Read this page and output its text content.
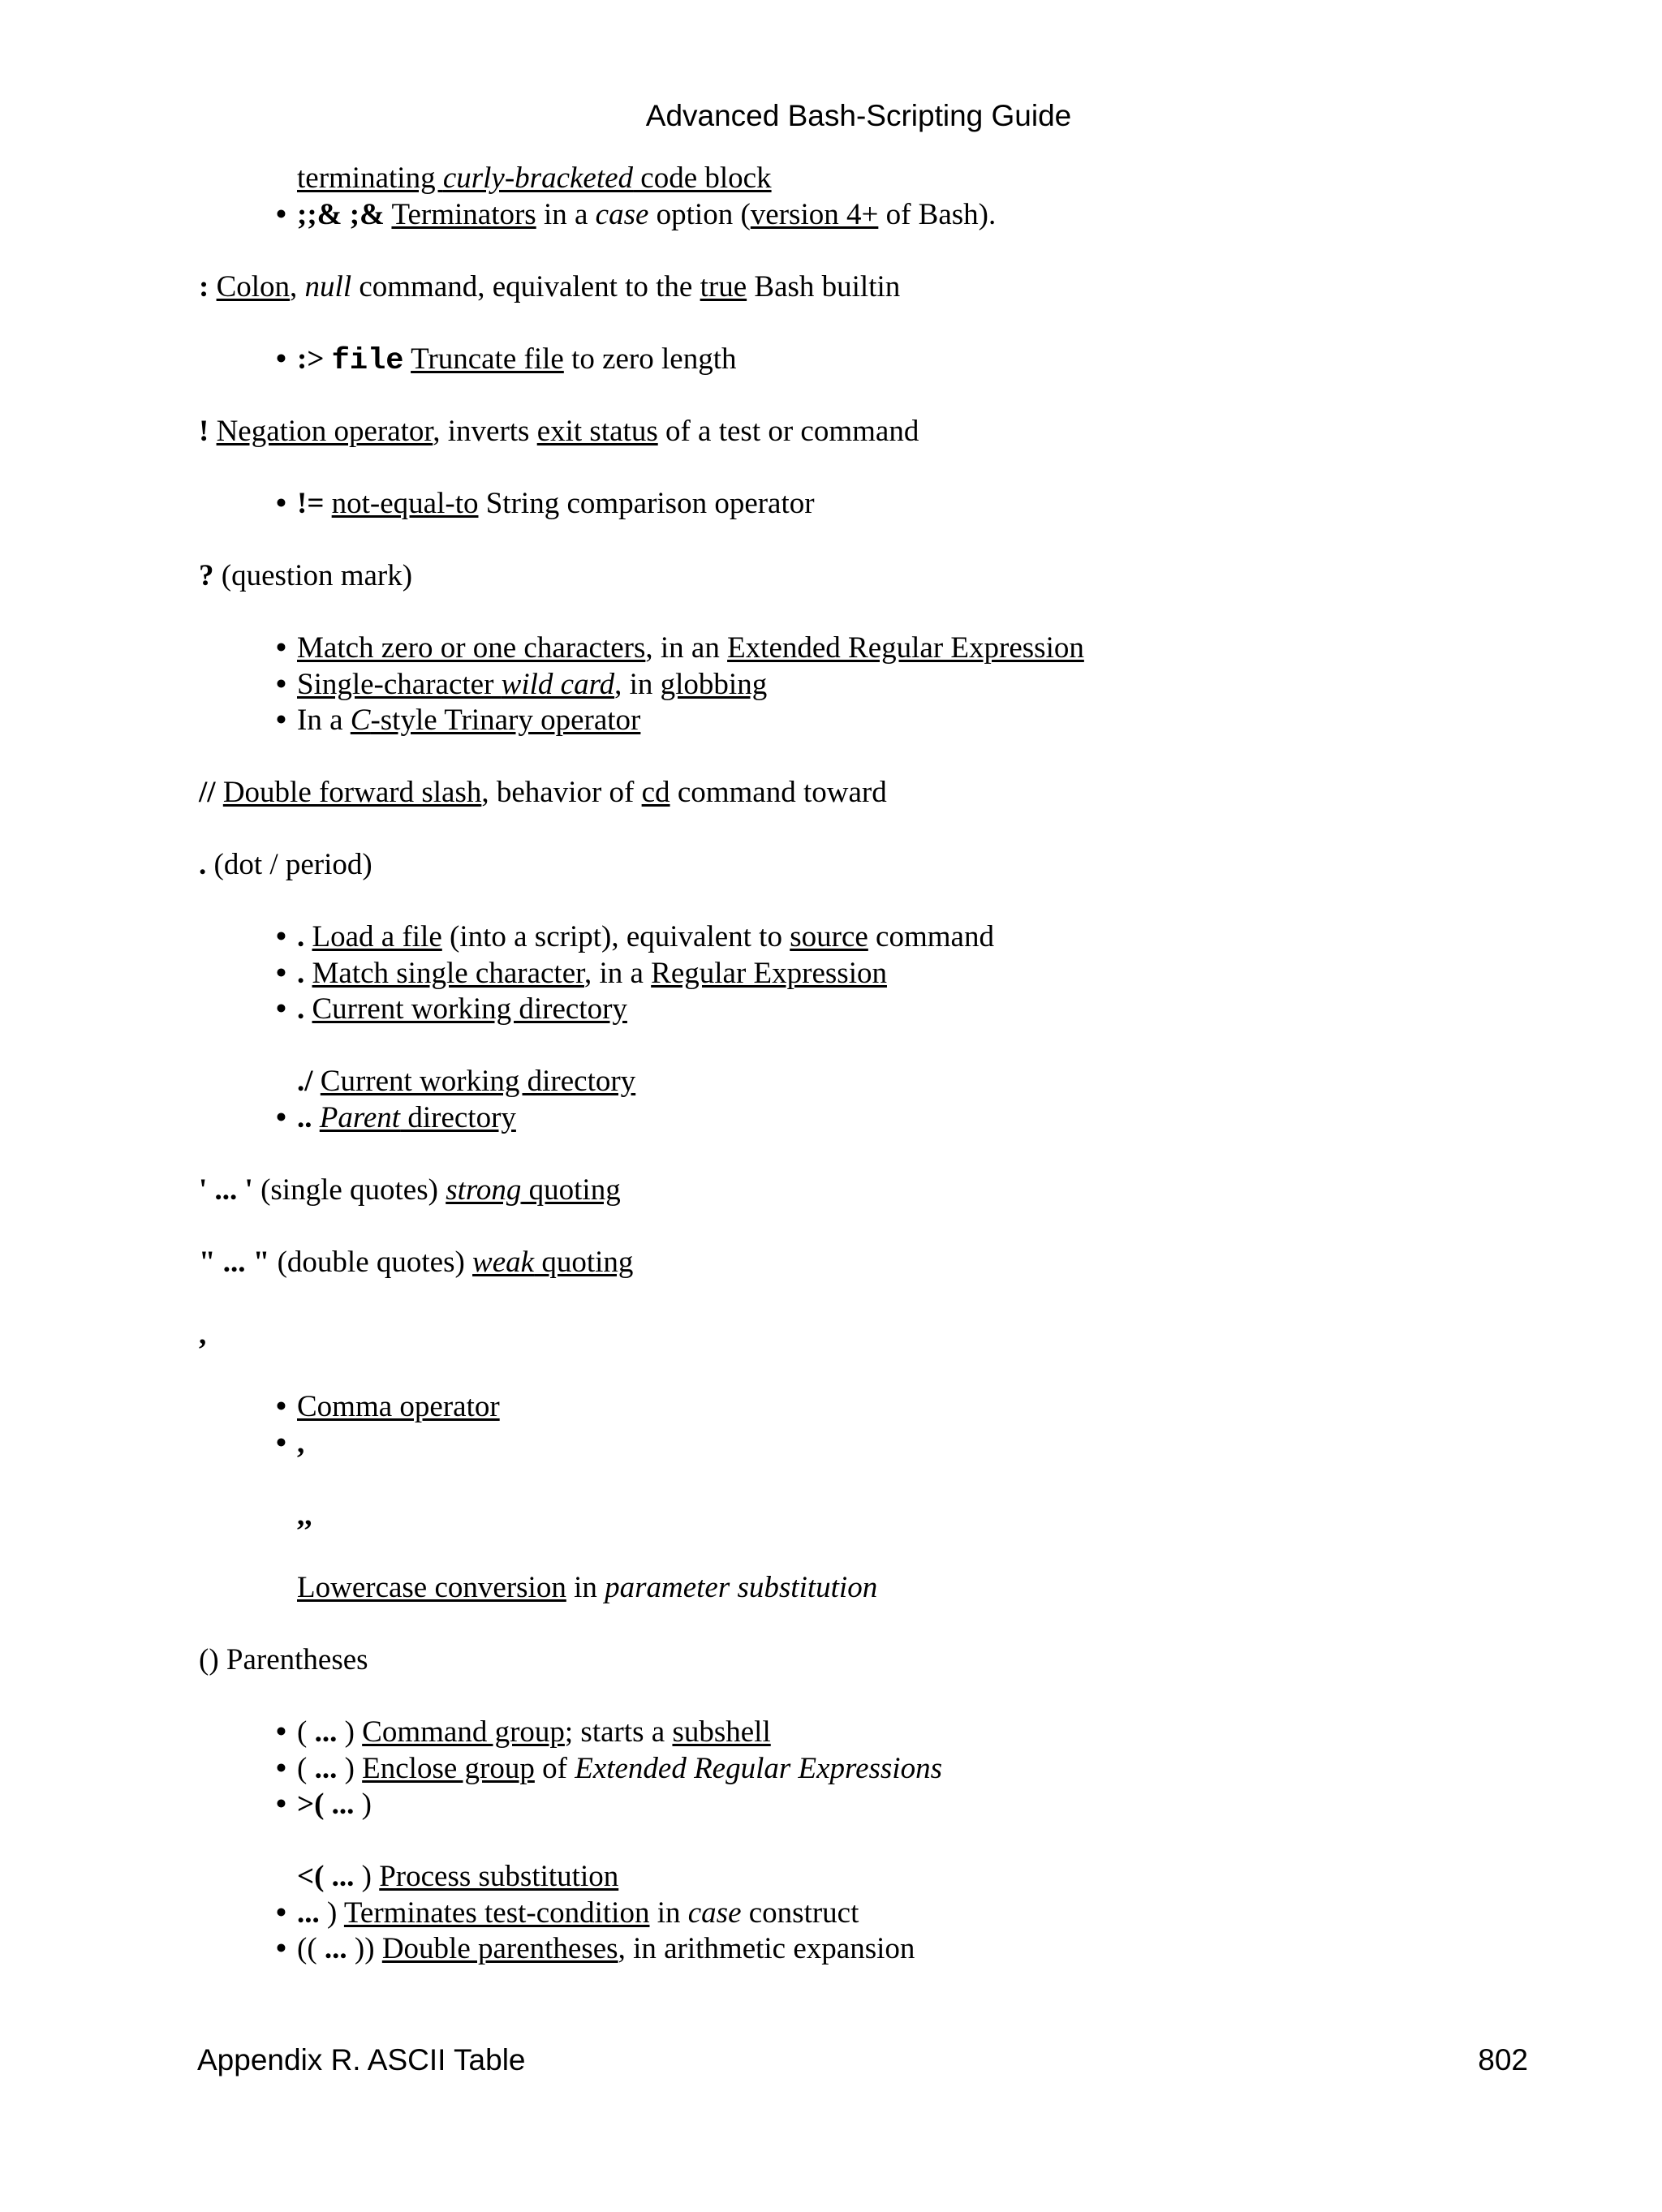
Advanced Bash-Scripting Guide
terminating curly-bracketed code block
• ;;& ;& Terminators in a case option (version 4+ of Bash).
: Colon, null command, equivalent to the true Bash builtin
• :> file Truncate file to zero length
! Negation operator, inverts exit status of a test or command
• != not-equal-to String comparison operator
? (question mark)
• Match zero or one characters, in an Extended Regular Expression
• Single-character wild card, in globbing
• In a C-style Trinary operator
// Double forward slash, behavior of cd command toward
. (dot / period)
• . Load a file (into a script), equivalent to source command
• . Match single character, in a Regular Expression
• . Current working directory
./ Current working directory
• .. Parent directory
' ... ' (single quotes) strong quoting
" ... " (double quotes) weak quoting
,
• Comma operator
• ,
,,
Lowercase conversion in parameter substitution
() Parentheses
• ( ... ) Command group; starts a subshell
• ( ... ) Enclose group of Extended Regular Expressions
• >( ... )
<( ... ) Process substitution
• ... ) Terminates test-condition in case construct
• (( ... )) Double parentheses, in arithmetic expansion
Appendix R. ASCII Table	802
